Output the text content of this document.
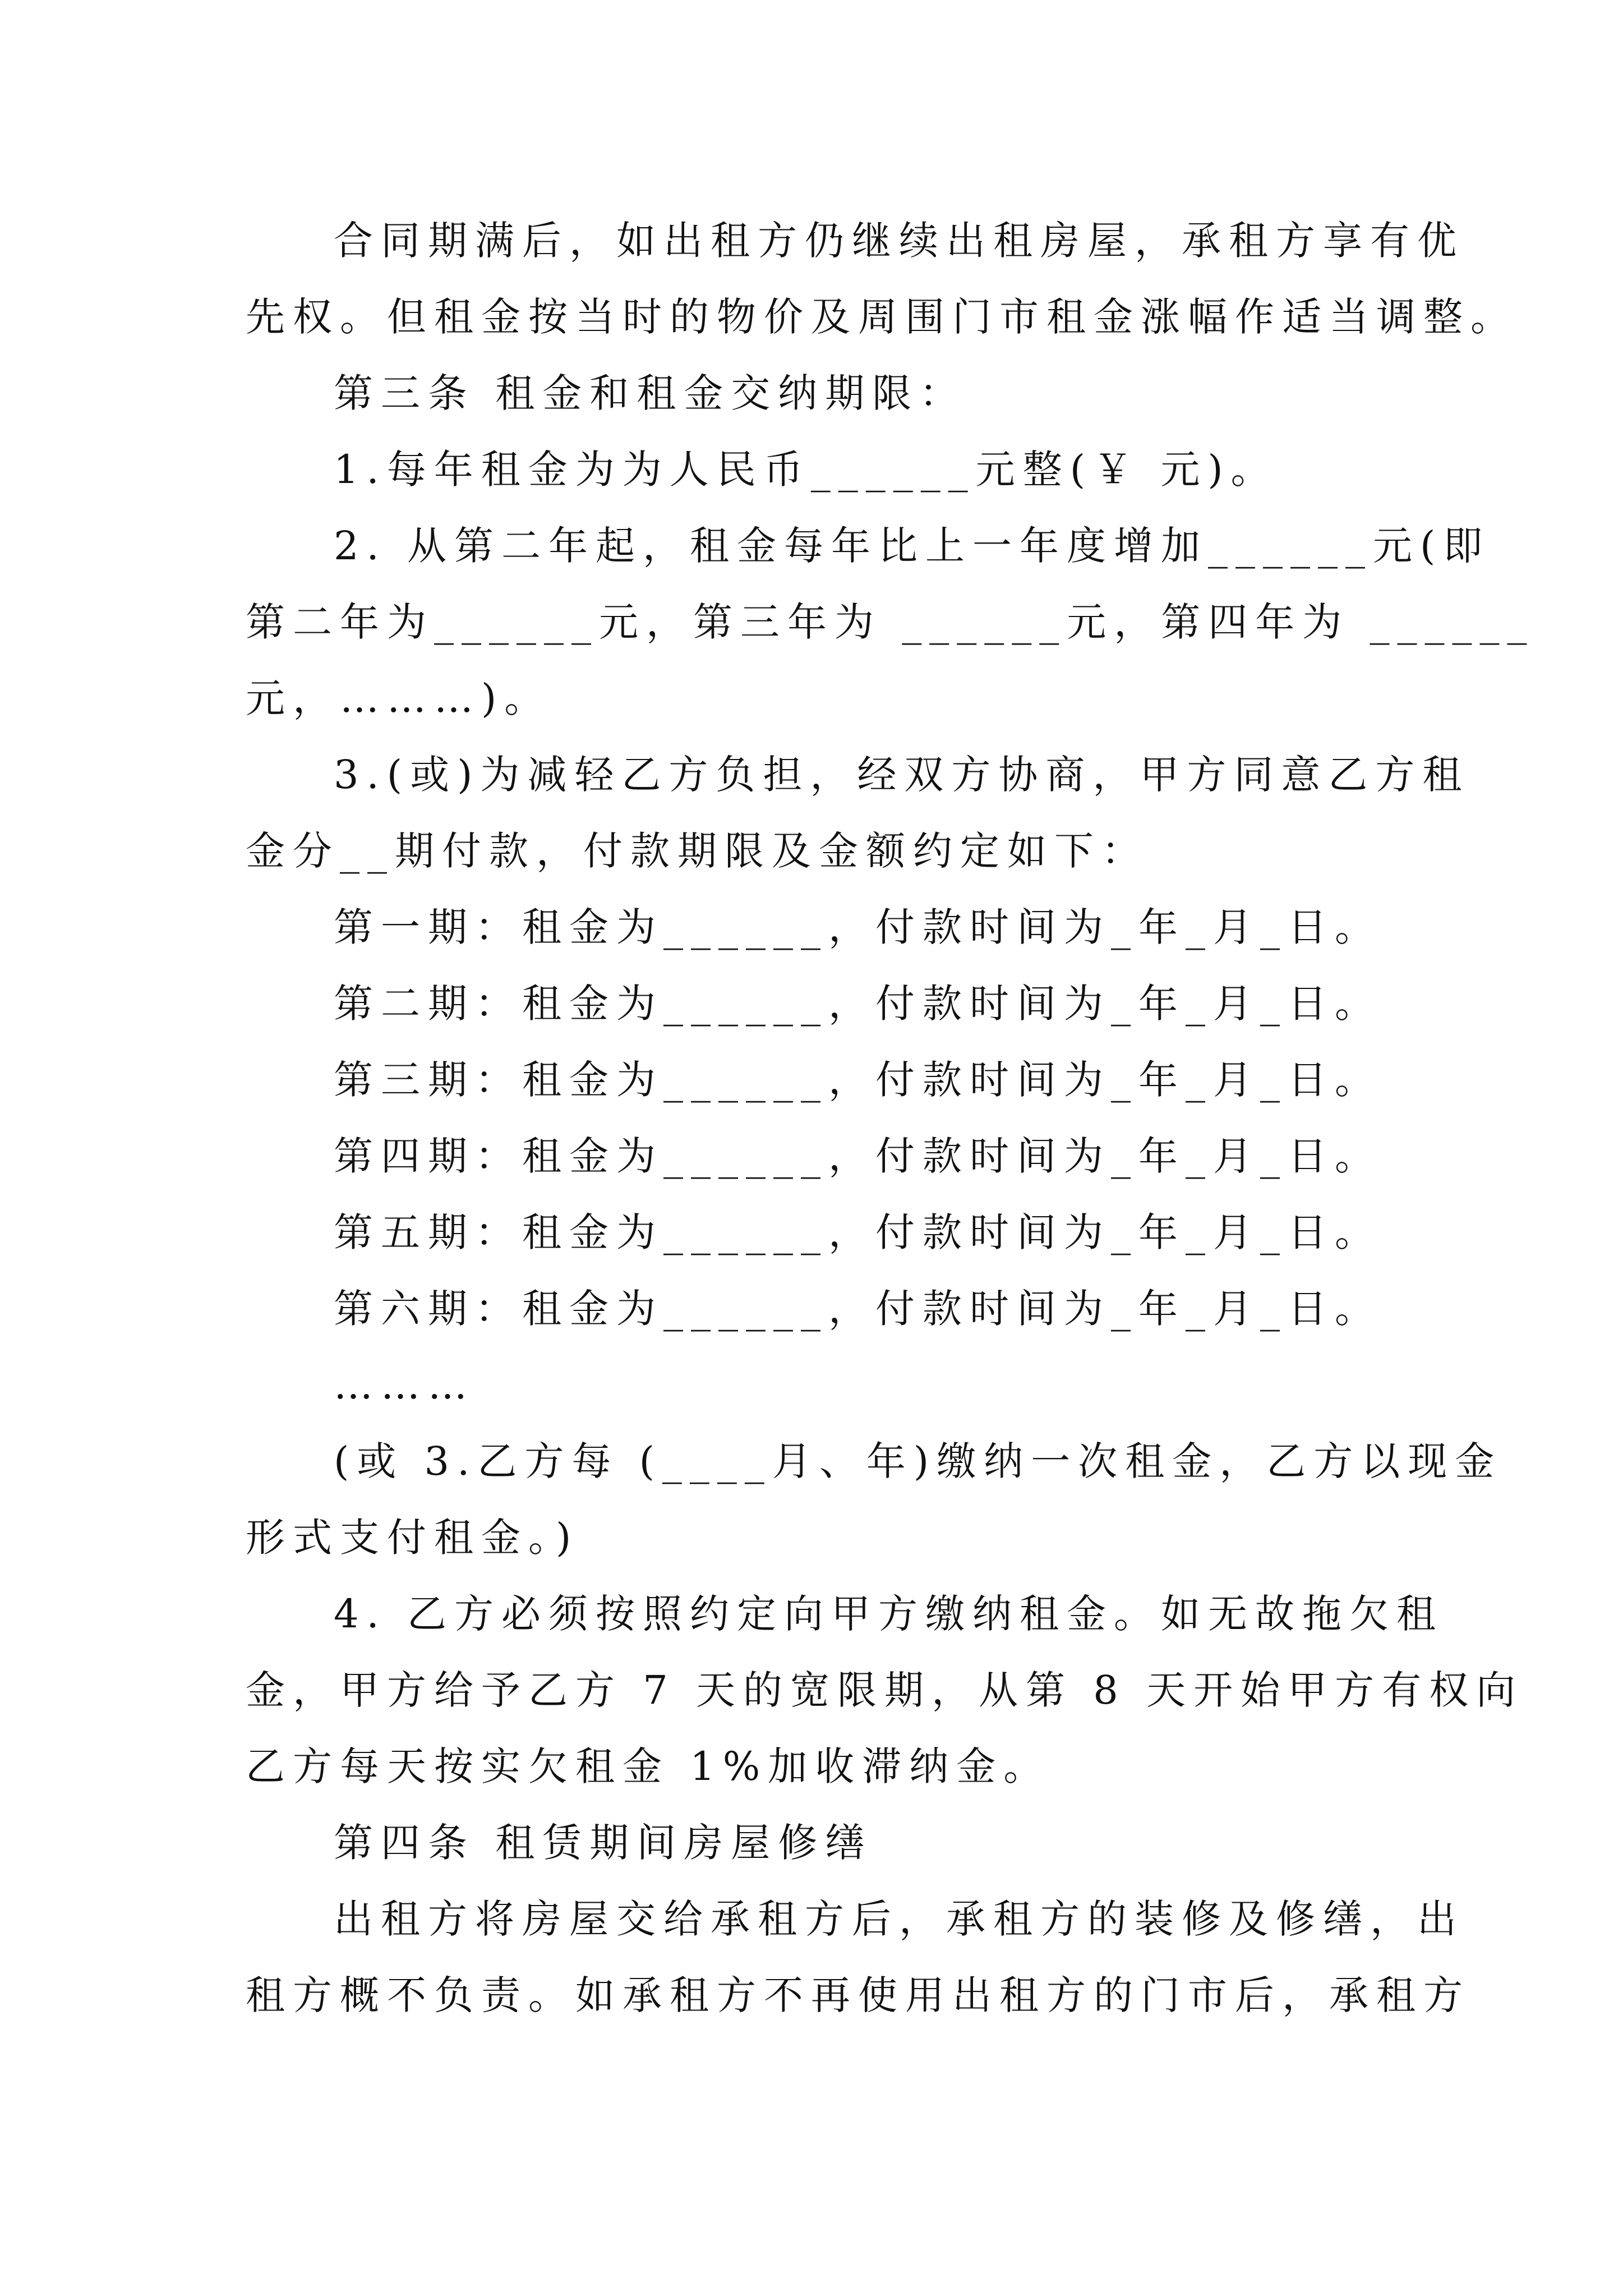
合同期满后，如出租方仍继续出租房屋，承租方享有优
先权。但租金按当时的物价及周围门市租金涨幅作适当调整。
第三条 租金和租金交纳期限：
1.每年租金为为人民币______元整(￥ 元)。
2. 从第二年起，租金每年比上一年度增加______元(即
第二年为______元，第三年为 ______元，第四年为 ______
元，………)。
3.(或)为减轻乙方负担，经双方协商，甲方同意乙方租
金分__期付款，付款期限及金额约定如下：
第一期：租金为______，付款时间为_年_月_日。
第二期：租金为______，付款时间为_年_月_日。
第三期：租金为______，付款时间为_年_月_日。
第四期：租金为______，付款时间为_年_月_日。
第五期：租金为______，付款时间为_年_月_日。
第六期：租金为______，付款时间为_年_月_日。
………
(或 3.乙方每 (____月、年)缴纳一次租金，乙方以现金
形式支付租金。)
4. 乙方必须按照约定向甲方缴纳租金。如无故拖欠租
金，甲方给予乙方 7 天的宽限期，从第 8 天开始甲方有权向
乙方每天按实欠租金 1%加收滞纳金。
第四条 租赁期间房屋修缮
出租方将房屋交给承租方后，承租方的装修及修缮，出
租方概不负责。如承租方不再使用出租方的门市后，承租方
